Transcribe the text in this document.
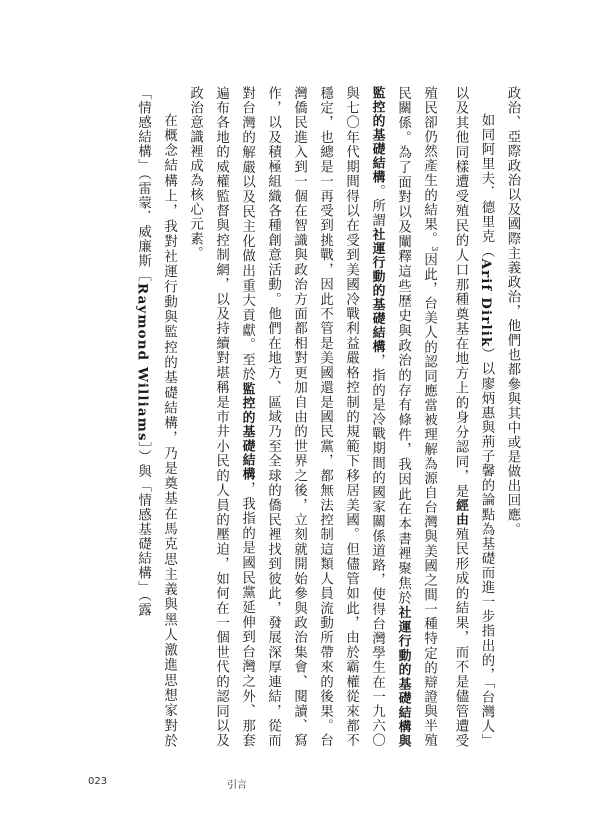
政治、亞際政治以及國際主義政治，他們也都參與其中或是做出回應。

如同阿里夫．德里克（Arif Dirlik）以廖炳惠與荊子馨的論點為基礎而進一步指出的，「台灣人」以及其他同樣遭受殖民的人口那種奠基在地方上的身分認同，是經由殖民形成的結果，而不是儘管遭受殖民卻仍然產生的結果。$^3$因此，台美人的認同應當被理解為源自台灣與美國之間一種特定的辯證與半殖民關係。為了面對以及闡釋這些歷史與政治的存有條件，我因此在本書裡聚焦於社運行動的基礎結構與監控的基礎結構。所謂社運行動的基礎結構，指的是冷戰期間的國家關係道路，使得台灣學生在一九六〇與七〇年代期間得以在受到美國冷戰利益嚴格控制的規範下移居美國。但儘管如此，由於霸權從來都不穩定，也總是一再受到挑戰，因此不管是美國還是國民黨，都無法控制這類人員流動所帶來的後果。台灣僑民進入到一個在智識與政治方面都相對更加自由的世界之後，立刻就開始參與政治集會、閱讀、寫作，以及積極組織各種創意活動。他們在地方、區域乃至全球的僑民裡找到彼此，發展深厚連結，從而對台灣的解嚴以及民主化做出重大貢獻。至於監控的基礎結構，我指的是國民黨延伸到台灣之外、那套遍布各地的威權監督與控制網，以及持續對堪稱是市井小民的人員的壓迫，如何在一個世代的認同以及政治意識裡成為核心元素。

在概念結構上，我對社運行動與監控的基礎結構，乃是奠基在馬克思主義與黑人激進思想家對於「情感結構」（雷蒙．威廉斯［Raymond Williams］）與「情感基礎結構」（露

023	引言
